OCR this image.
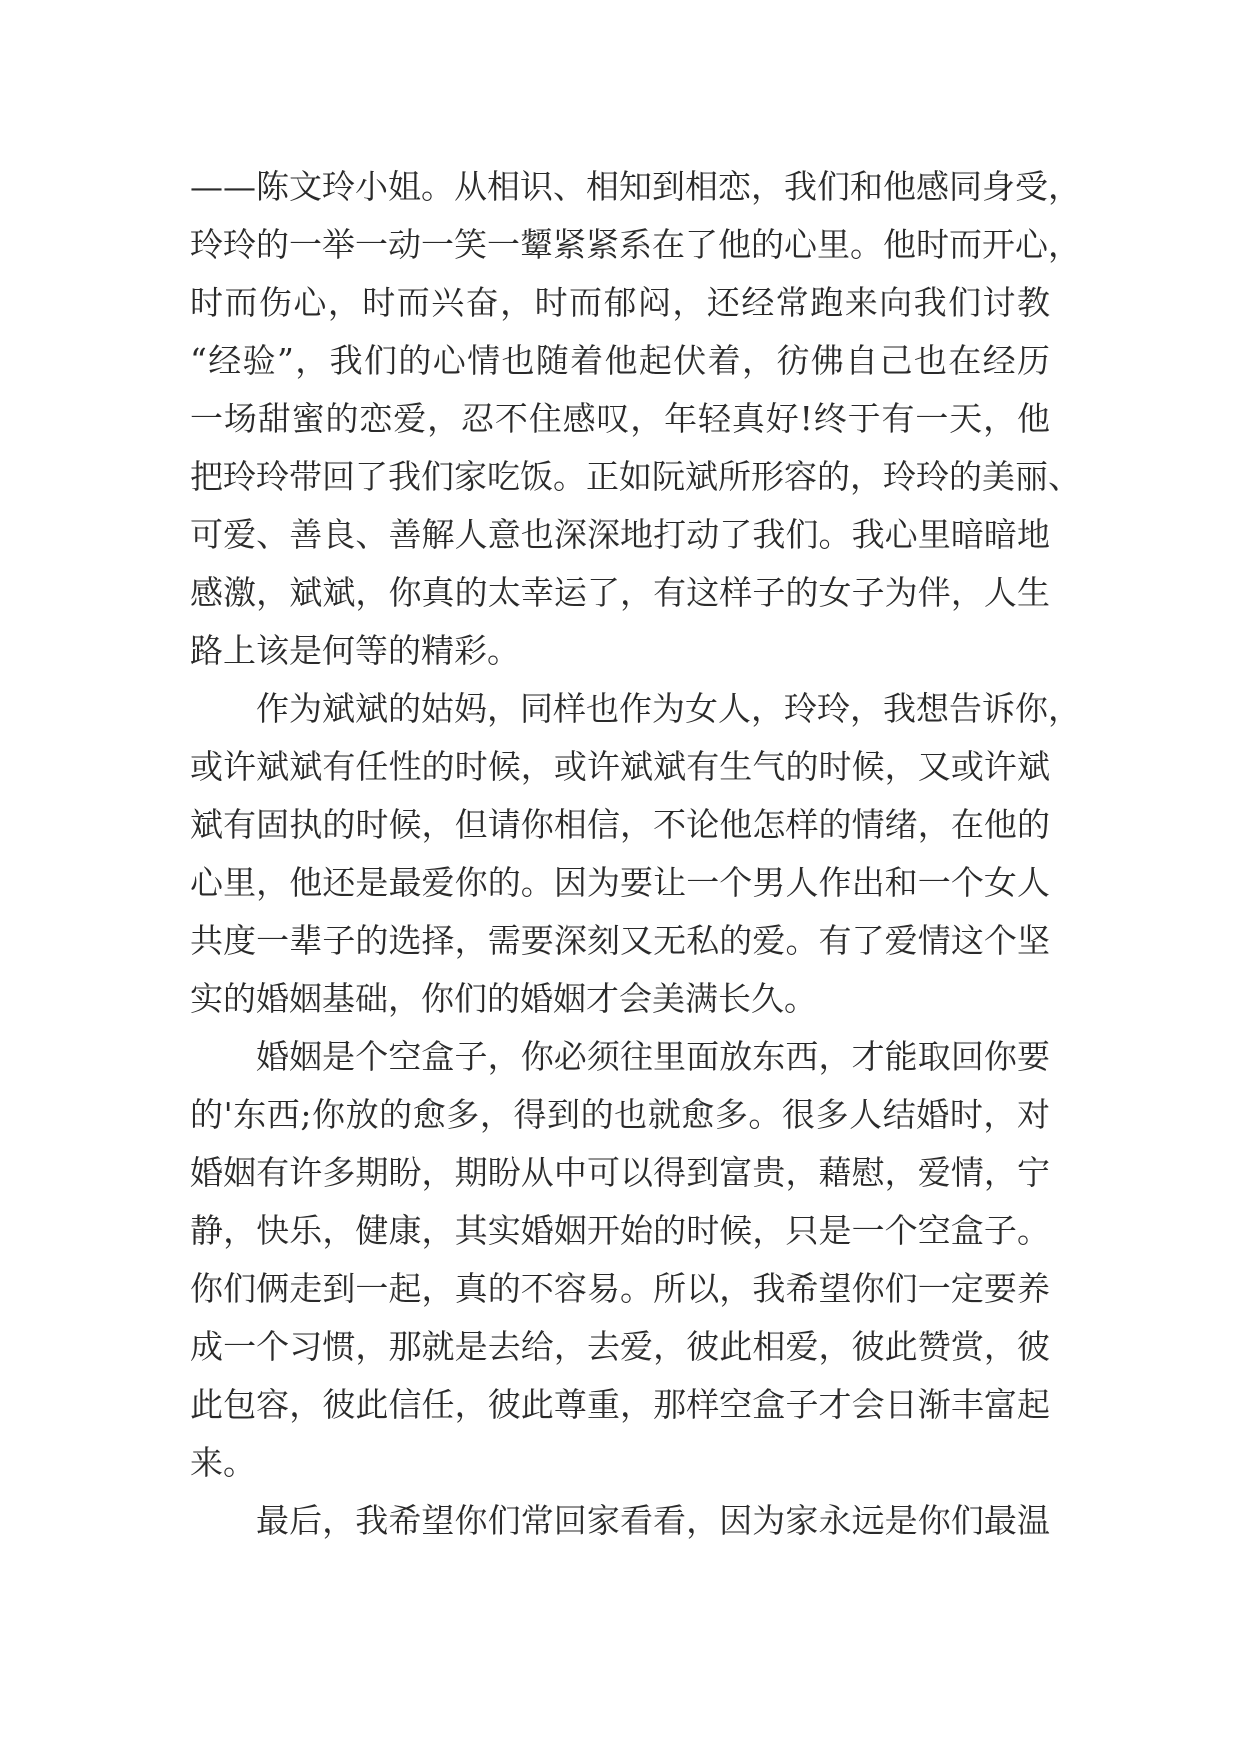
——陈文玲小姐。从相识、相知到相恋，我们和他感同身受，
玲玲的一举一动一笑一颦紧紧系在了他的心里。他时而开心，
时而伤心，时而兴奋，时而郁闷，还经常跑来向我们讨教
“经验”，我们的心情也随着他起伏着，彷佛自己也在经历
一场甜蜜的恋爱，忍不住感叹，年轻真好!终于有一天，他
把玲玲带回了我们家吃饭。正如阮斌所形容的，玲玲的美丽、
可爱、善良、善解人意也深深地打动了我们。我心里暗暗地
感激，斌斌，你真的太幸运了，有这样子的女子为伴，人生
路上该是何等的精彩。
作为斌斌的姑妈，同样也作为女人，玲玲，我想告诉你，
或许斌斌有任性的时候，或许斌斌有生气的时候，又或许斌
斌有固执的时候，但请你相信，不论他怎样的情绪，在他的
心里，他还是最爱你的。因为要让一个男人作出和一个女人
共度一辈子的选择，需要深刻又无私的爱。有了爱情这个坚
实的婚姻基础，你们的婚姻才会美满长久。
婚姻是个空盒子，你必须往里面放东西，才能取回你要
的'东西;你放的愈多，得到的也就愈多。很多人结婚时，对
婚姻有许多期盼，期盼从中可以得到富贵，藉慰，爱情，宁
静，快乐，健康，其实婚姻开始的时候，只是一个空盒子。
你们俩走到一起，真的不容易。所以，我希望你们一定要养
成一个习惯，那就是去给，去爱，彼此相爱，彼此赞赏，彼
此包容，彼此信任，彼此尊重，那样空盒子才会日渐丰富起
来。
最后，我希望你们常回家看看，因为家永远是你们最温
